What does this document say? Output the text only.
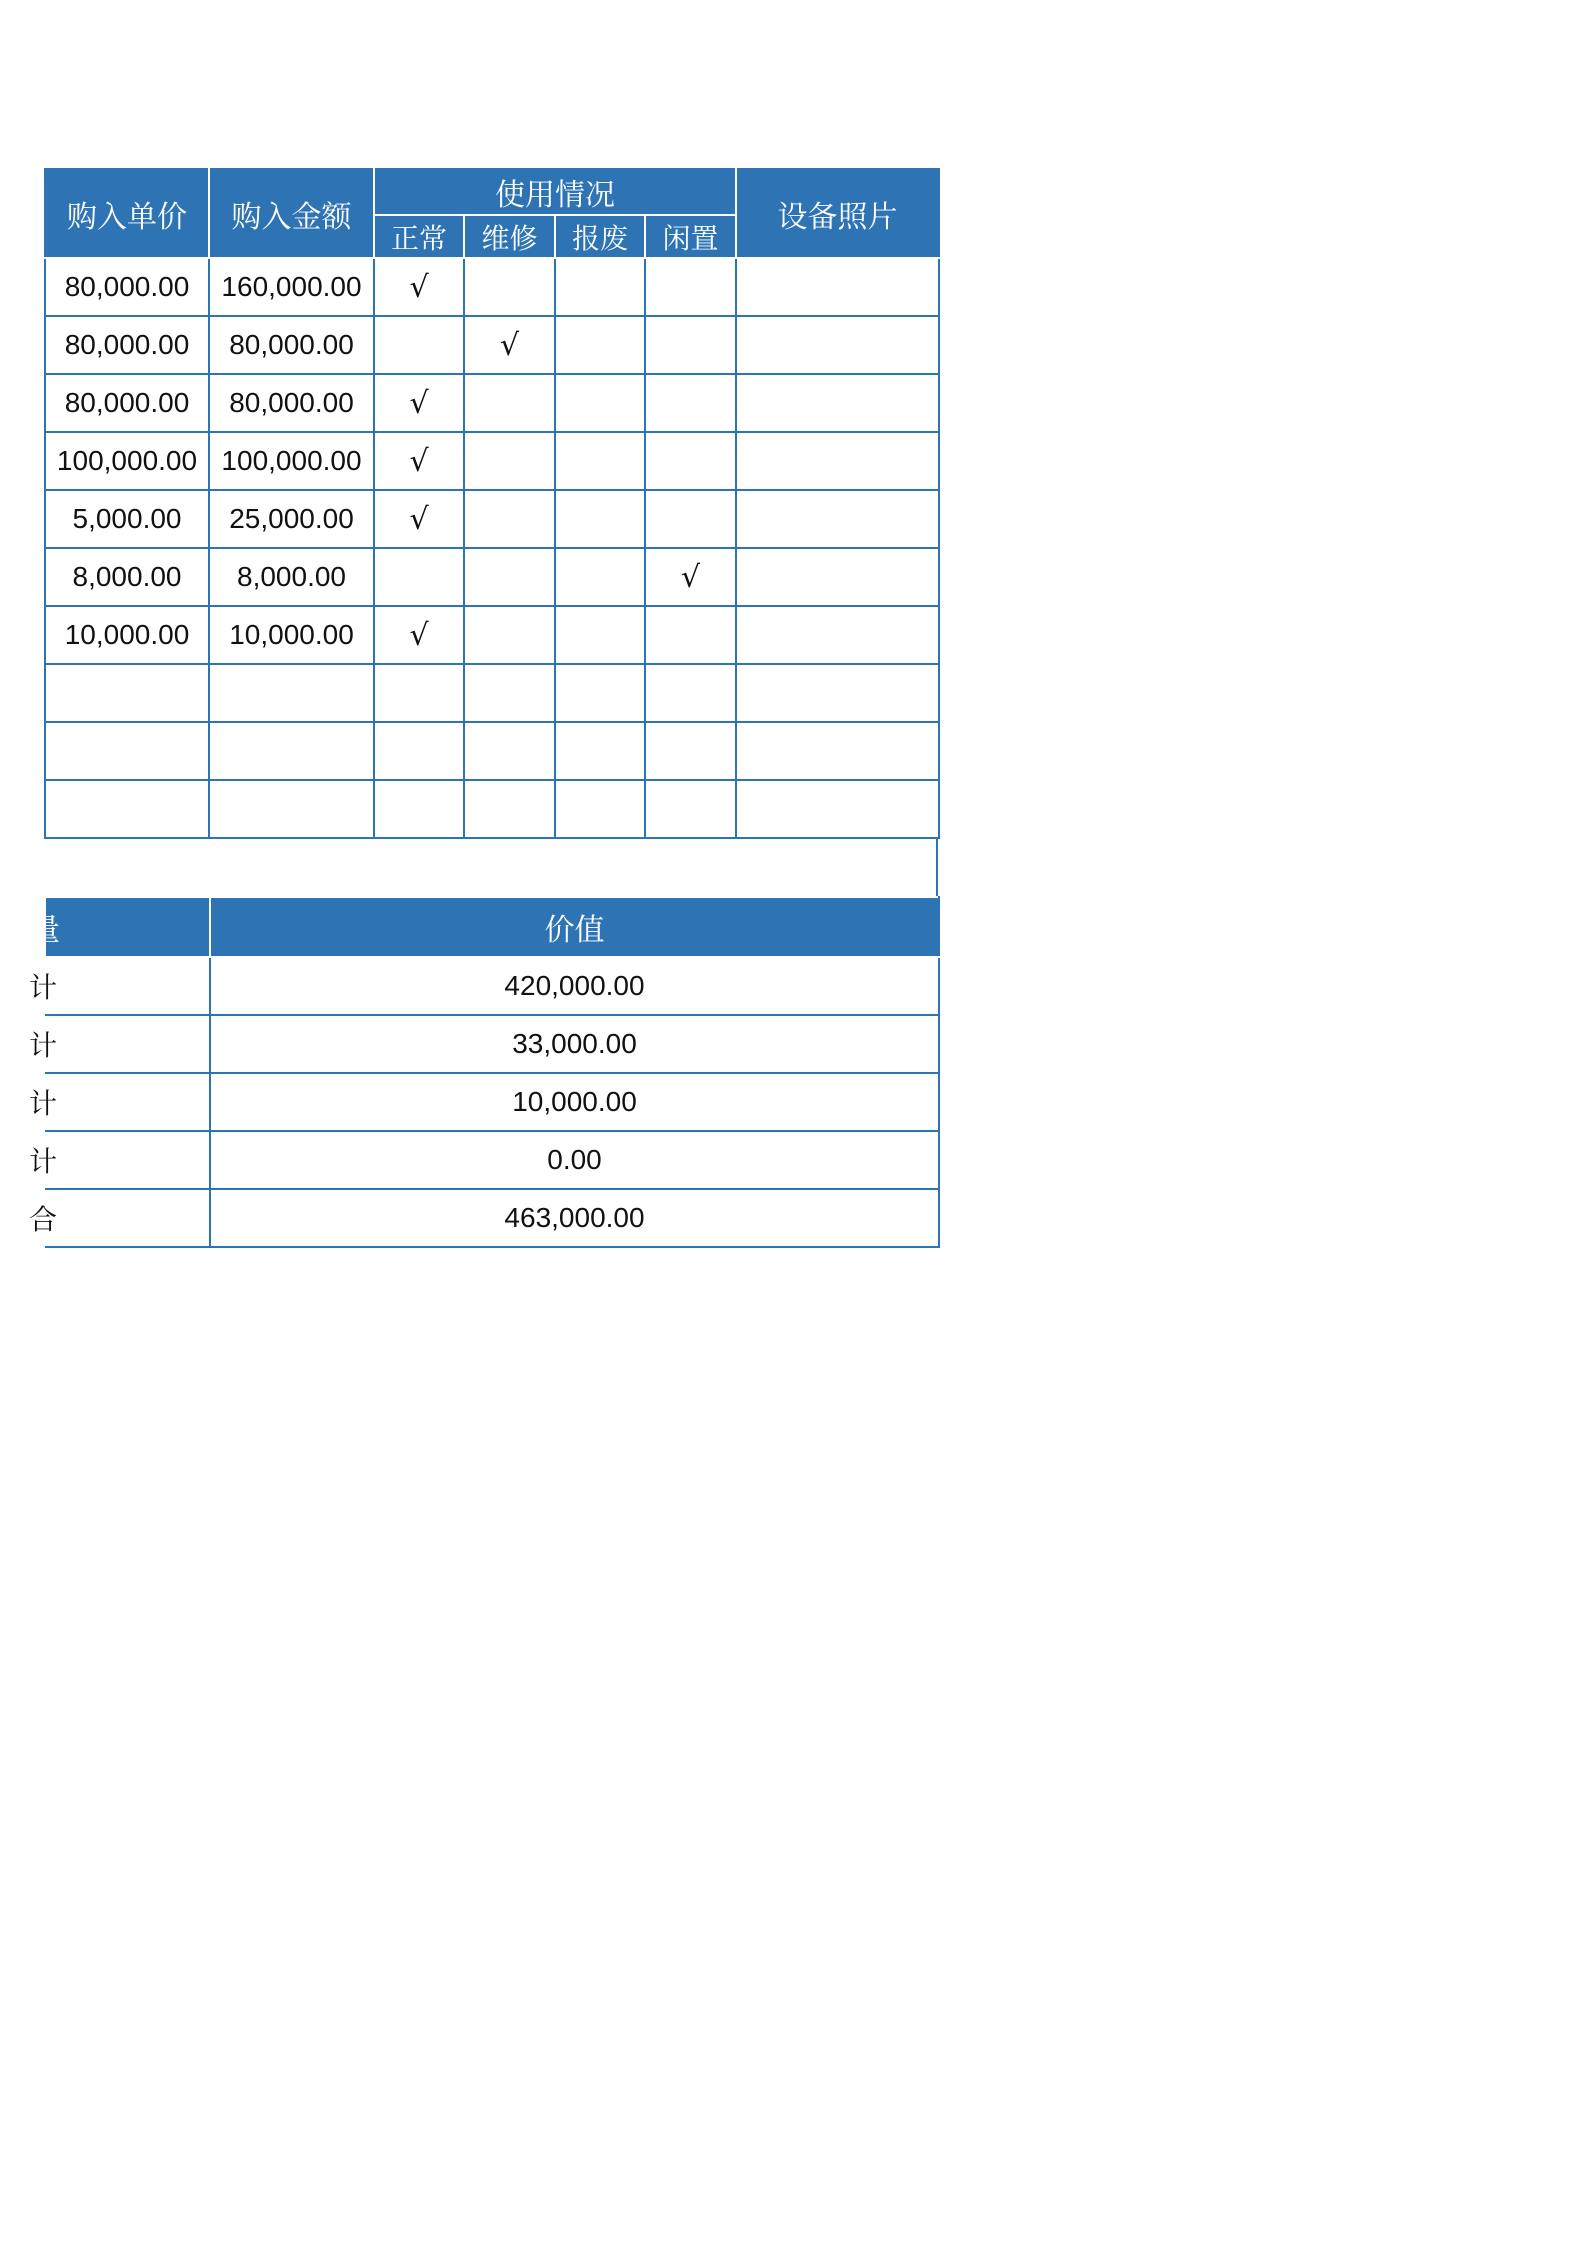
购入单价	购入金额	使用情况				设备照片
		正常	维修	报废	闲置	
80,000.00	160,000.00	√				
80,000.00	80,000.00		√			
80,000.00	80,000.00	√				
100,000.00	100,000.00	√				
5,000.00	25,000.00	√				
8,000.00	8,000.00				√	
10,000.00	10,000.00	√				

量	价值
计	420,000.00
计	33,000.00
计	10,000.00
计	0.00
合	463,000.00
